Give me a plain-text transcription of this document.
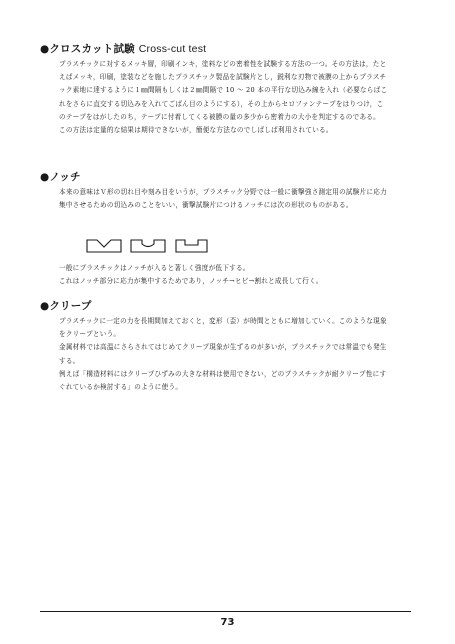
●クロスカット試験 Cross-cut test

プラスチックに対するメッキ層，印刷インキ，塗料などの密着性を試験する方法の一つ。その方法は，たとえばメッキ，印刷，塗装などを施したプラスチック製品を試験片とし，鋭利な刃物で被膜の上からプラスチック素地に達するように１㎜間隔もしくは２㎜間隔で 10 ～ 20 本の平行な切込み線を入れ（必要ならばこれをさらに直交する切込みを入れてごばん目のようにする），その上からセロファンテープをはりつけ，このテープをはがしたのち，テープに付着してくる被膜の量の多少から密着力の大小を判定するのである。

この方法は定量的な結果は期待できないが，簡便な方法なのでしばしば利用されている。

●ノッチ

本来の意味はＶ形の切れ目や刻み目をいうが，プラスチック分野では一般に衝撃強さ測定用の試験片に応力集中させるための切込みのことをいい，衝撃試験片につけるノッチには次の形状のものがある。

一般にプラスチックはノッチが入ると著しく強度が低下する。

これはノッチ部分に応力が集中するためであり，ノッチ→ヒビ→割れと成長して行く。

●クリープ

プラスチックに一定の力を長期間加えておくと，変形（歪）が時間とともに増加していく。このような現象をクリープという。

金属材料では高温にさらされてはじめてクリープ現象が生ずるのが多いが，プラスチックでは常温でも発生する。

例えば「構造材料にはクリープひずみの大きな材料は使用できない，どのプラスチックが耐クリープ性にすぐれているか検討する」のように使う。

73
